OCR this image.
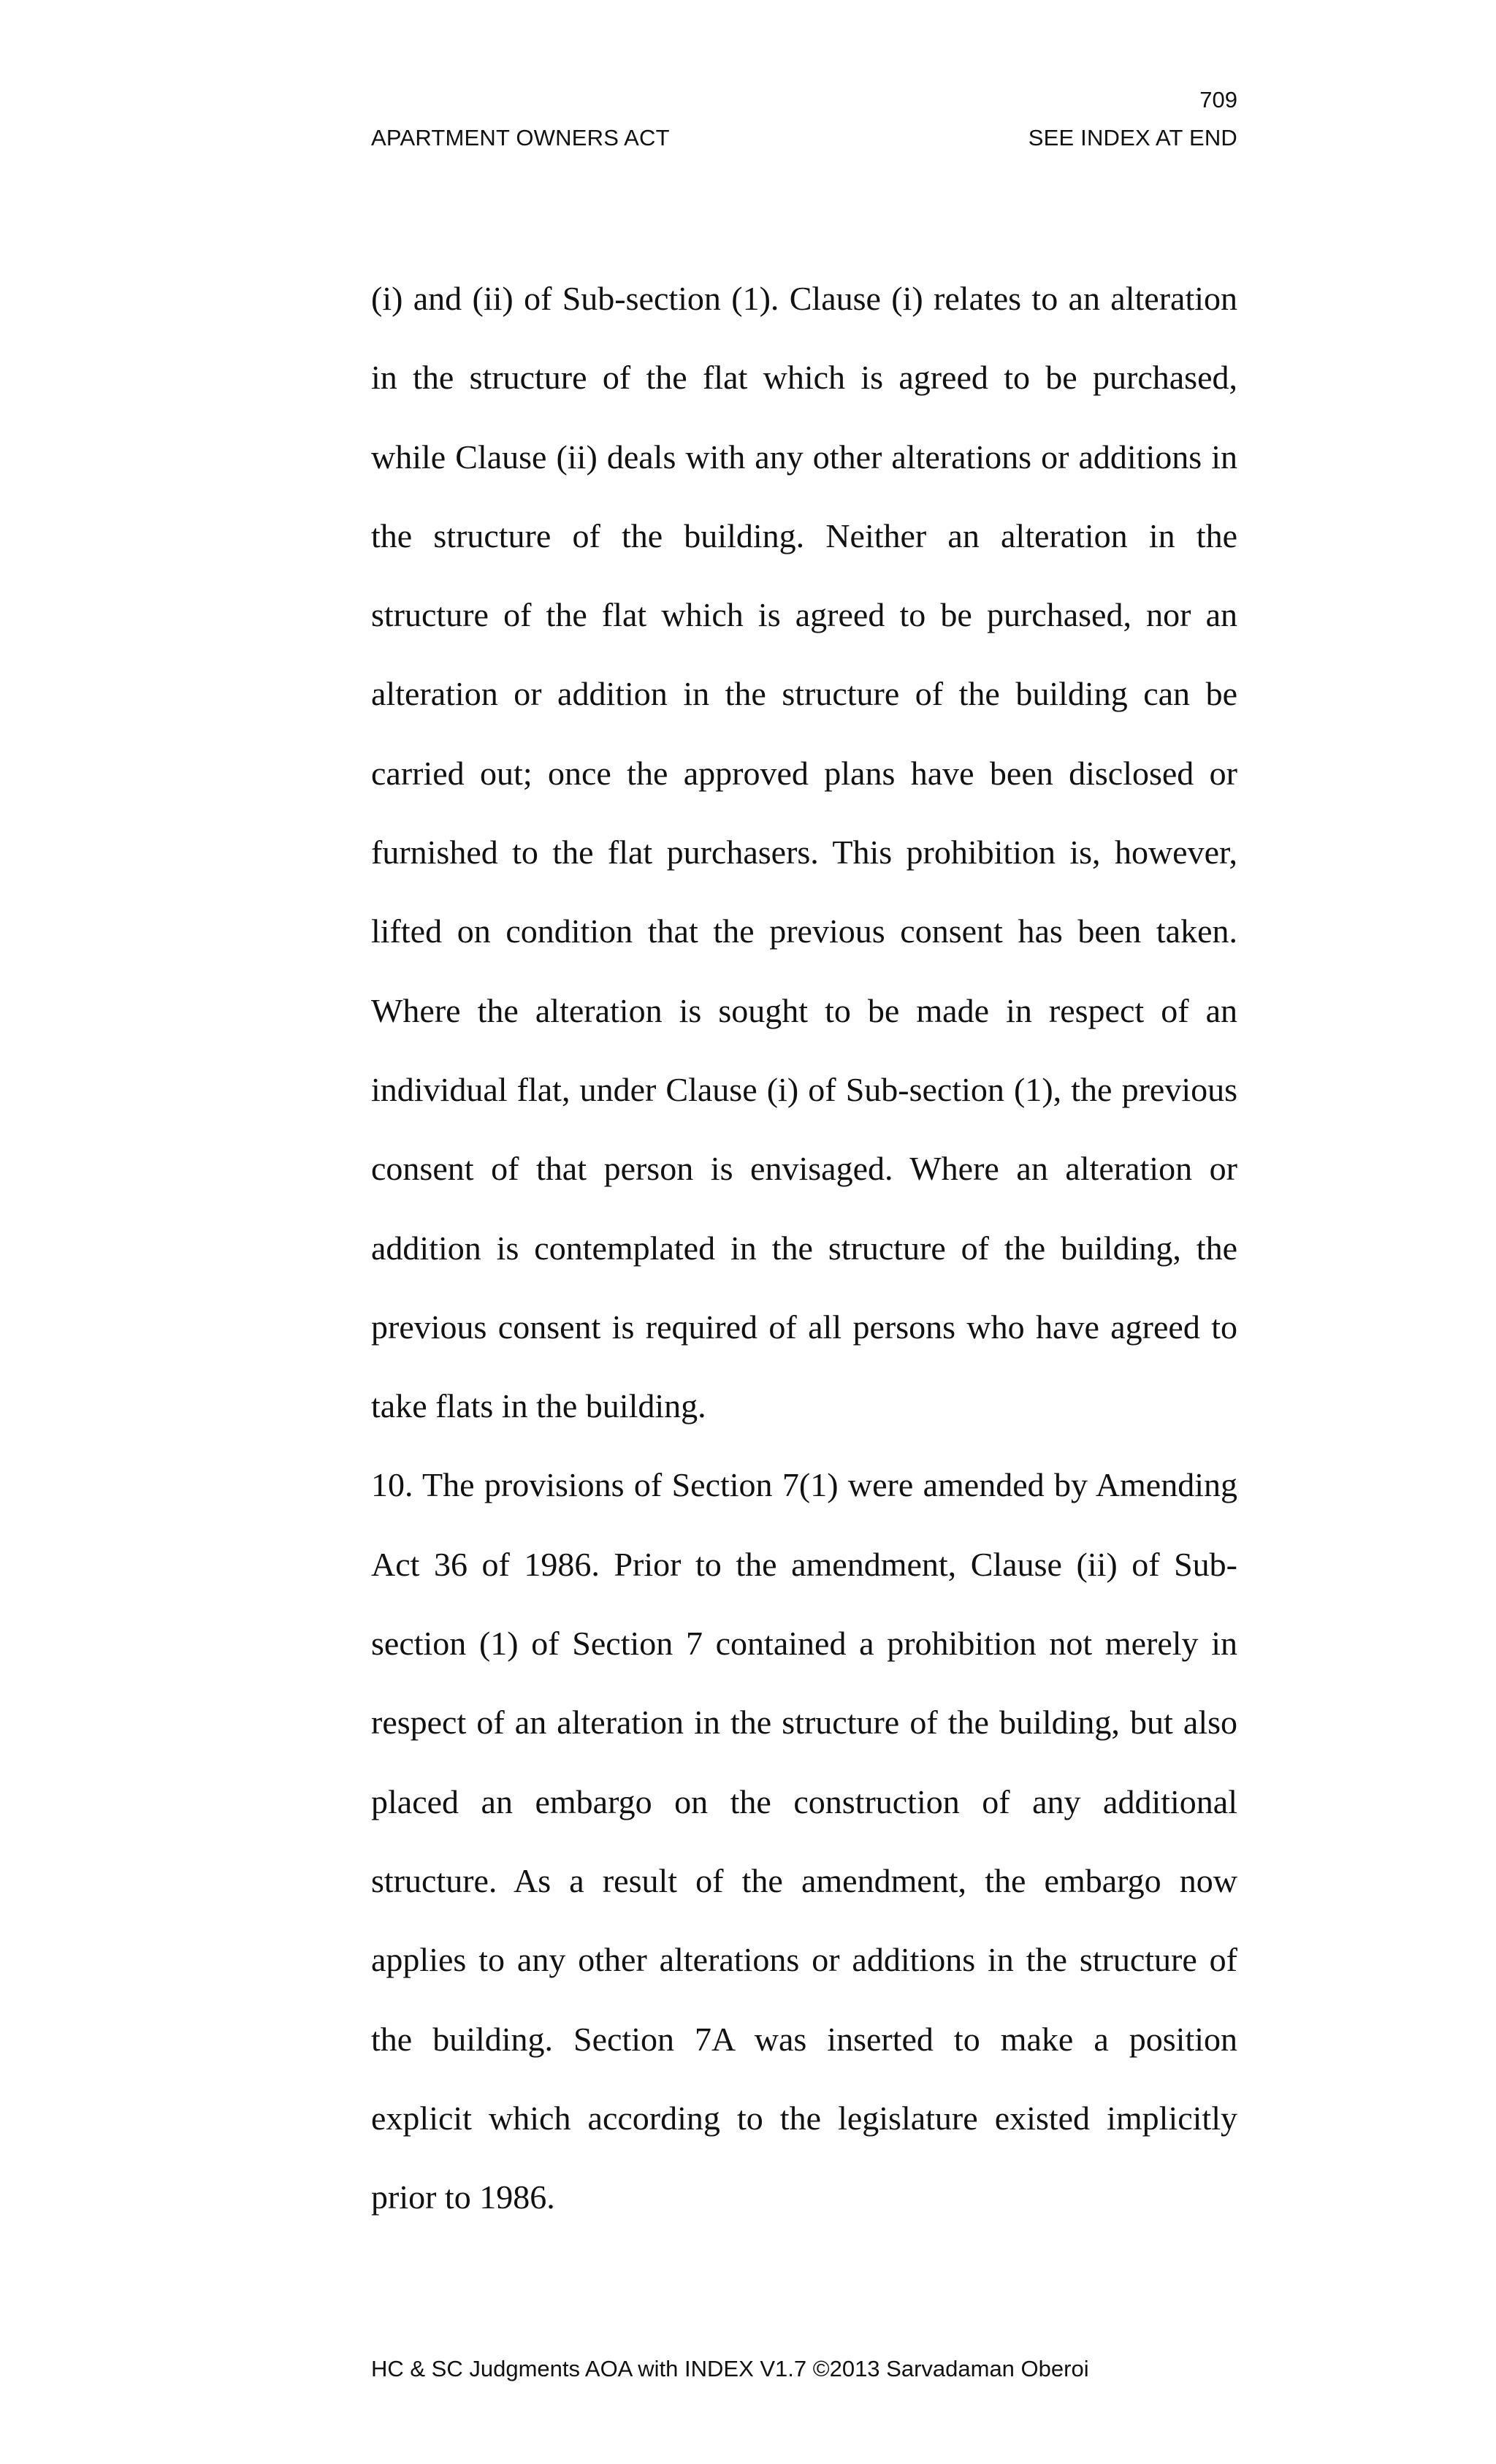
709
APARTMENT OWNERS ACT	SEE INDEX AT END

(i) and (ii) of Sub-section (1). Clause (i) relates to an alteration in the structure of the flat which is agreed to be purchased, while Clause (ii) deals with any other alterations or additions in the structure of the building. Neither an alteration in the structure of the flat which is agreed to be purchased, nor an alteration or addition in the structure of the building can be carried out; once the approved plans have been disclosed or furnished to the flat purchasers. This prohibition is, however, lifted on condition that the previous consent has been taken. Where the alteration is sought to be made in respect of an individual flat, under Clause (i) of Sub-section (1), the previous consent of that person is envisaged. Where an alteration or addition is contemplated in the structure of the building, the previous consent is required of all persons who have agreed to take flats in the building.

10. The provisions of Section 7(1) were amended by Amending Act 36 of 1986. Prior to the amendment, Clause (ii) of Sub-section (1) of Section 7 contained a prohibition not merely in respect of an alteration in the structure of the building, but also placed an embargo on the construction of any additional structure. As a result of the amendment, the embargo now applies to any other alterations or additions in the structure of the building. Section 7A was inserted to make a position explicit which according to the legislature existed implicitly prior to 1986.

HC & SC Judgments AOA with INDEX V1.7 ©2013 Sarvadaman Oberoi
